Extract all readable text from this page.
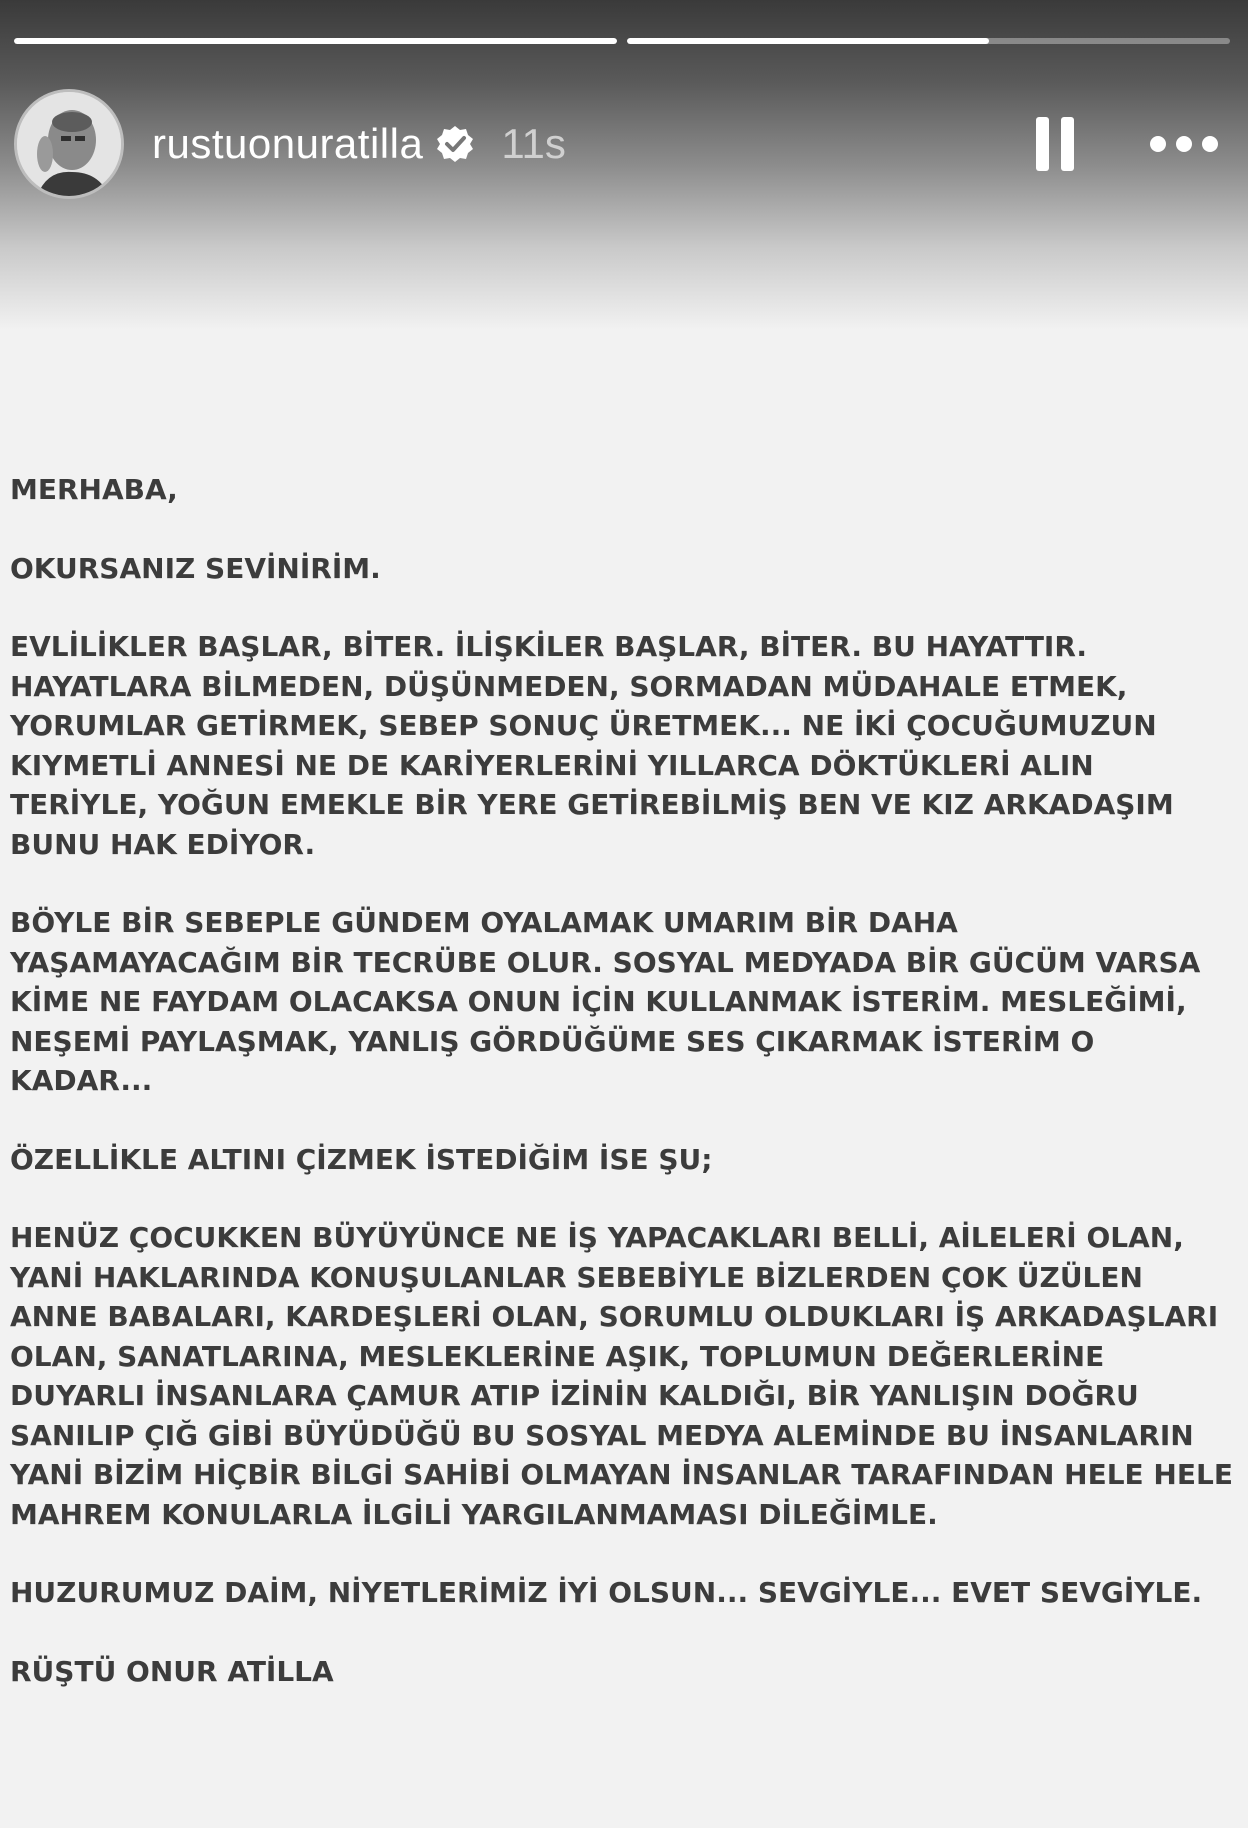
rustuonuratilla 11s

MERHABA,

OKURSANIZ SEVİNİRİM.

EVLİLİKLER BAŞLAR, BİTER. İLİŞKİLER BAŞLAR, BİTER. BU HAYATTIR. HAYATLARA BİLMEDEN, DÜŞÜNMEDEN, SORMADAN MÜDAHALE ETMEK, YORUMLAR GETİRMEK, SEBEP SONUÇ ÜRETMEK... NE İKİ ÇOCUĞUMUZUN KIYMETLİ ANNESİ NE DE KARİYERLERİNİ YILLARCA DÖKTÜKLERİ ALIN TERİYLE, YOĞUN EMEKLE BİR YERE GETİREBİLMİŞ BEN VE KIZ ARKADAŞIM BUNU HAK EDİYOR.

BÖYLE BİR SEBEPLE GÜNDEM OYALAMAK UMARIM BİR DAHA YAŞAMAYACAĞIM BİR TECRÜBE OLUR. SOSYAL MEDYADA BİR GÜCÜM VARSA KİME NE FAYDAM OLACAKSA ONUN İÇİN KULLANMAK İSTERİM. MESLEĞİMİ, NEŞEMİ PAYLAŞMAK, YANLIŞ GÖRDÜĞÜME SES ÇIKARMAK İSTERİM O KADAR...

ÖZELLİKLE ALTINI ÇİZMEK İSTEDİĞİM İSE ŞU;

HENÜZ ÇOCUKKEN BÜYÜYÜNCE NE İŞ YAPACAKLARI BELLİ, AİLELERİ OLAN, YANİ HAKLARINDA KONUŞULANLAR SEBEBİYLE BİZLERDEN ÇOK ÜZÜLEN ANNE BABALARI, KARDEŞLERİ OLAN, SORUMLU OLDUKLARI İŞ ARKADAŞLARI OLAN, SANATLARINA, MESLEKLERİNE AŞIK, TOPLUMUN DEĞERLERİNE DUYARLI İNSANLARA ÇAMUR ATIP İZİNİN KALDIĞI, BİR YANLIŞIN DOĞRU SANILIP ÇIĞ GİBİ BÜYÜDÜĞÜ BU SOSYAL MEDYA ALEMİNDE BU İNSANLARIN YANİ BİZİM HİÇBİR BİLGİ SAHİBİ OLMAYAN İNSANLAR TARAFINDAN HELE HELE MAHREM KONULARLA İLGİLİ YARGILANMAMASI DİLEĞİMLE.

HUZURUMUZ DAİM, NİYETLERİMİZ İYİ OLSUN... SEVGİYLE... EVET SEVGİYLE.

RÜŞTÜ ONUR ATİLLA
